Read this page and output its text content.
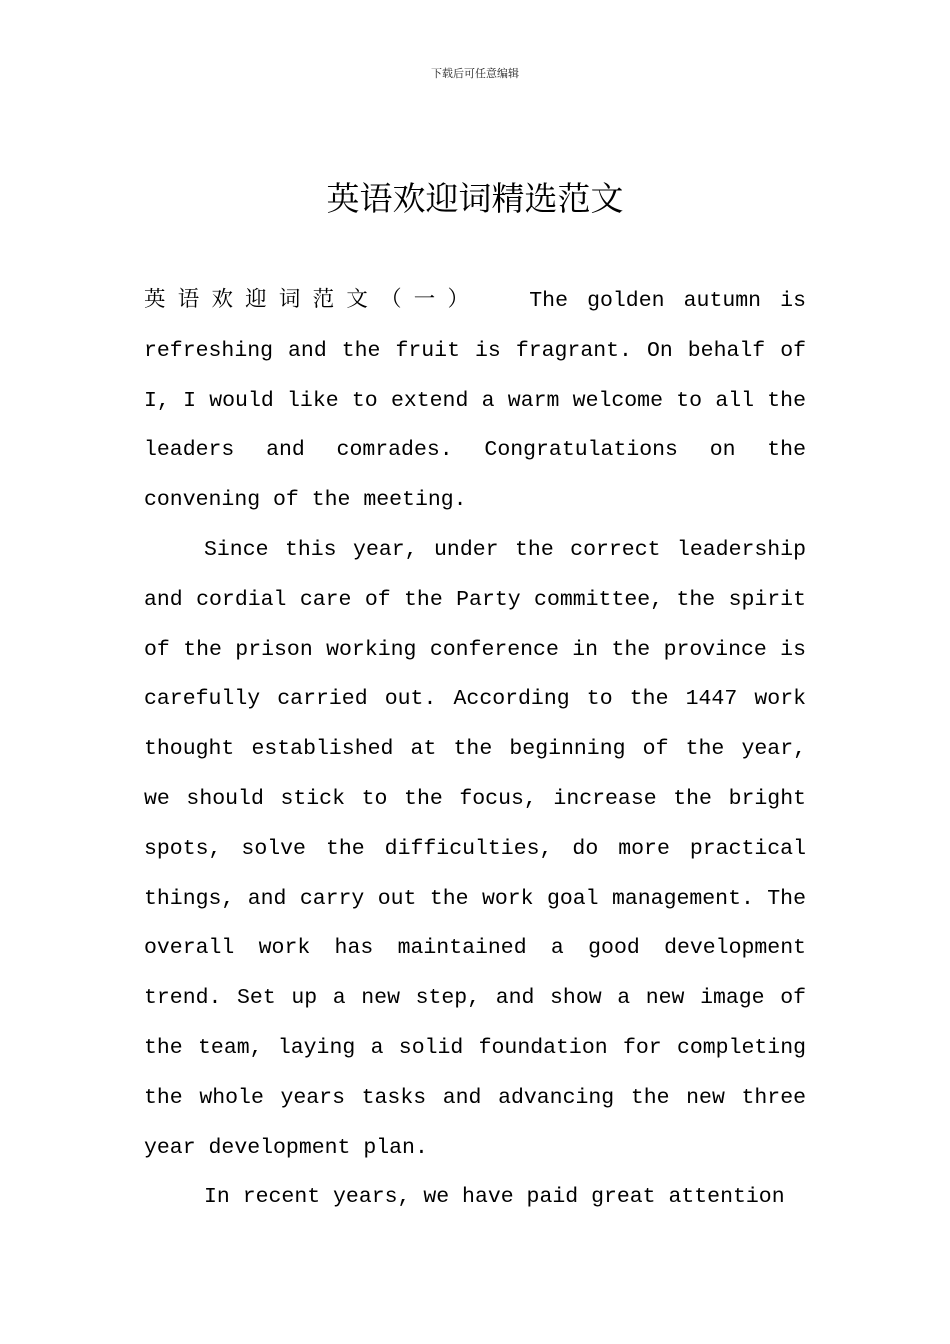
下载后可任意编辑
英语欢迎词精选范文

英语欢迎词范文（一） The golden autumn is refreshing and the fruit is fragrant. On behalf of I, I would like to extend a warm welcome to all the leaders and comrades. Congratulations on the convening of the meeting.

Since this year, under the correct leadership and cordial care of the Party committee, the spirit of the prison working conference in the province is carefully carried out. According to the 1447 work thought established at the beginning of the year, we should stick to the focus, increase the bright spots, solve the difficulties, do more practical things, and carry out the work goal management. The overall work has maintained a good development trend. Set up a new step, and show a new image of the team, laying a solid foundation for completing the whole years tasks and advancing the new three year development plan.

In recent years, we have paid great attention
